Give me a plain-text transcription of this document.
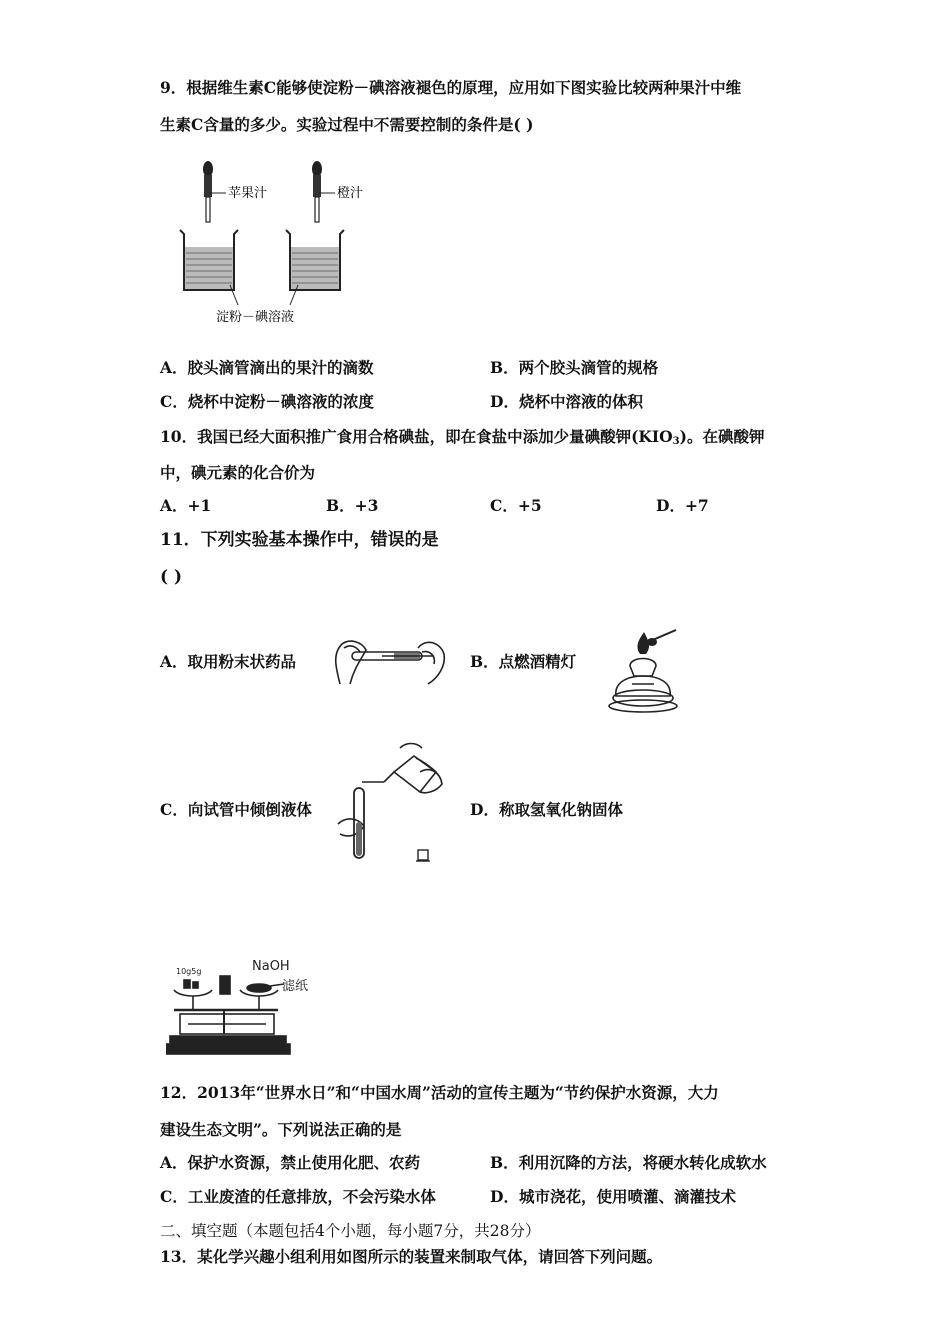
9．根据维生素C能够使淀粉－碘溶液褪色的原理，应用如下图实验比较两种果汁中维
生素C含量的多少。实验过程中不需要控制的条件是( )
苹果汁	橙汁
淀粉－碘溶液
A．胶头滴管滴出的果汁的滴数	B．两个胶头滴管的规格
C．烧杯中淀粉－碘溶液的浓度	D．烧杯中溶液的体积
10．我国已经大面积推广食用合格碘盐，即在食盐中添加少量碘酸钾$(KIO_3)$。在碘酸钾
中，碘元素的化合价为
A．+1	B．+3	C．+5	D．+7
11．下列实验基本操作中，错误的是
( )
A．取用粉末状药品	B．点燃酒精灯
C．向试管中倾倒液体	D．称取氢氧化钠固体
10g5g	NaOH
滤纸
12．2013年“世界水日”和“中国水周”活动的宣传主题为“节约保护水资源，大力
建设生态文明”。下列说法正确的是
A．保护水资源，禁止使用化肥、农药	B．利用沉降的方法，将硬水转化成软水
C．工业废渣的任意排放，不会污染水体	D．城市浇花，使用喷灌、滴灌技术
二、填空题（本题包括4个小题，每小题7分，共28分）
13．某化学兴趣小组利用如图所示的装置来制取气体，请回答下列问题。
